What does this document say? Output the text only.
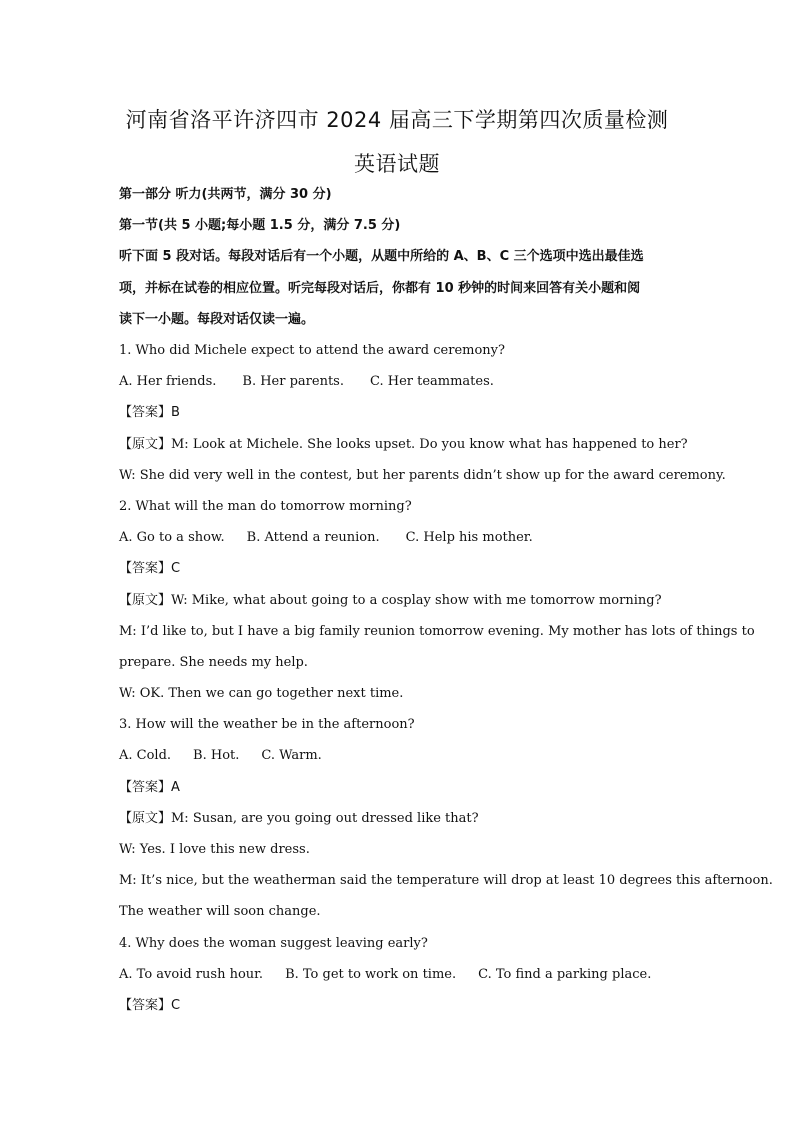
河南省洛平许济四市 2024 届高三下学期第四次质量检测
英语试题
第一部分 听力(共两节，满分 30 分)
第一节(共 5 小题;每小题 1.5 分，满分 7.5 分)
听下面 5 段对话。每段对话后有一个小题，从题中所给的 A、B、C 三个选项中选出最佳选
项，并标在试卷的相应位置。听完每段对话后，你都有 10 秒钟的时间来回答有关小题和阅
读下一小题。每段对话仅读一遍。
1. Who did Michele expect to attend the award ceremony?
A. Her friends. B. Her parents. C. Her teammates.
【答案】B
【原文】M: Look at Michele. She looks upset. Do you know what has happened to her?
W: She did very well in the contest, but her parents didn’t show up for the award ceremony.
2. What will the man do tomorrow morning?
A. Go to a show. B. Attend a reunion. C. Help his mother.
【答案】C
【原文】W: Mike, what about going to a cosplay show with me tomorrow morning?
M: I’d like to, but I have a big family reunion tomorrow evening. My mother has lots of things to
prepare. She needs my help.
W: OK. Then we can go together next time.
3. How will the weather be in the afternoon?
A. Cold. B. Hot. C. Warm.
【答案】A
【原文】M: Susan, are you going out dressed like that?
W: Yes. I love this new dress.
M: It’s nice, but the weatherman said the temperature will drop at least 10 degrees this afternoon.
The weather will soon change.
4. Why does the woman suggest leaving early?
A. To avoid rush hour. B. To get to work on time. C. To find a parking place.
【答案】C
